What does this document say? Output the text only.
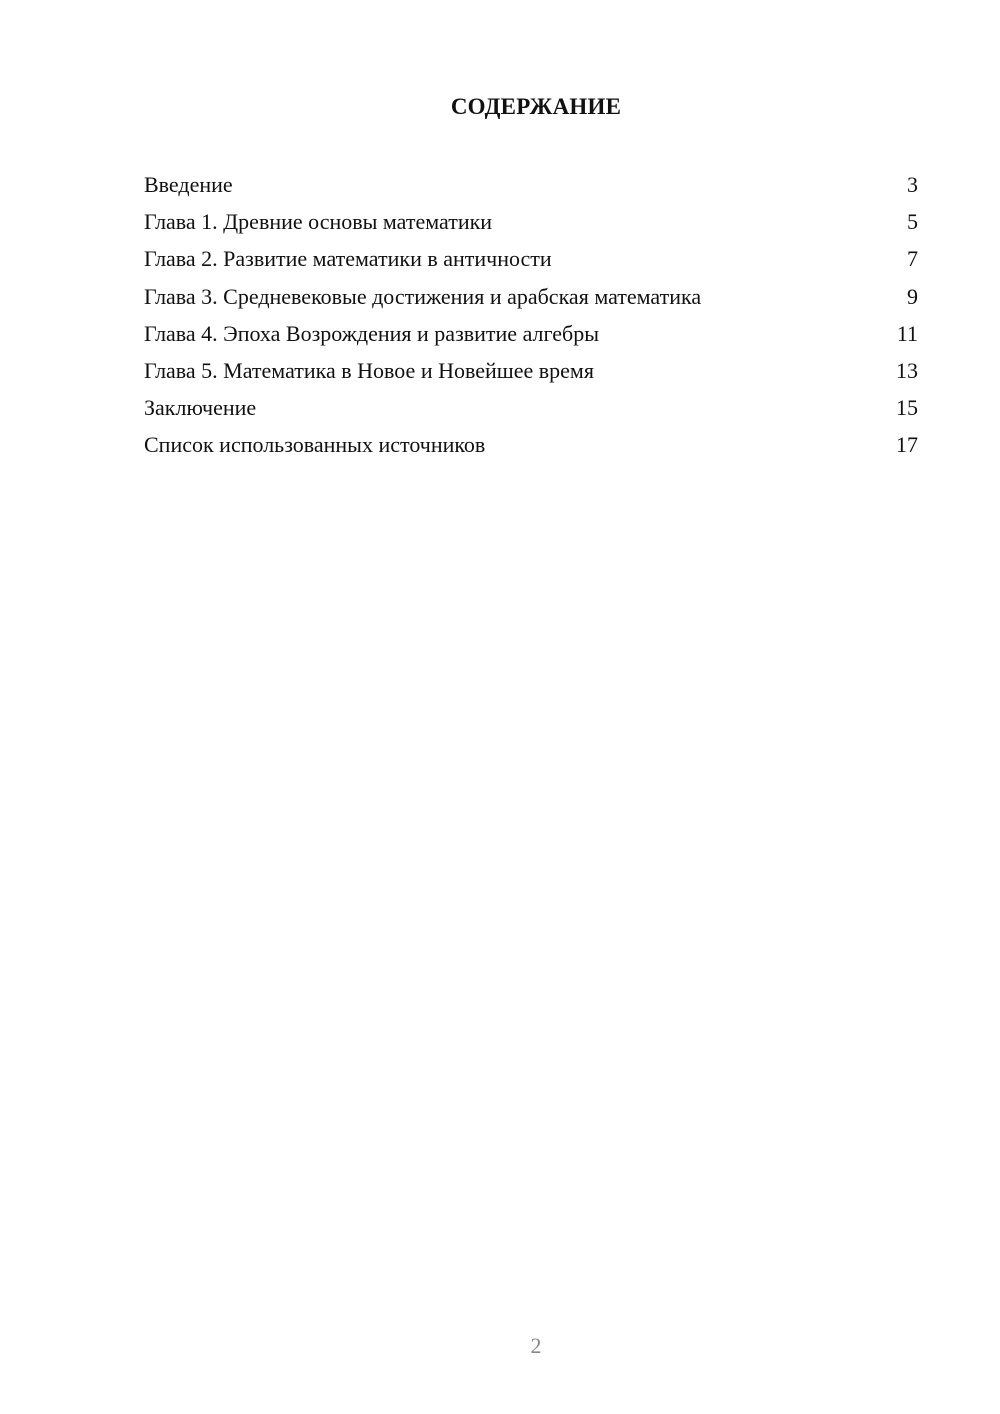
СОДЕРЖАНИЕ
Введение	3
Глава 1. Древние основы математики	5
Глава 2. Развитие математики в античности	7
Глава 3. Средневековые достижения и арабская математика	9
Глава 4. Эпоха Возрождения и развитие алгебры	11
Глава 5. Математика в Новое и Новейшее время	13
Заключение	15
Список использованных источников	17
2
